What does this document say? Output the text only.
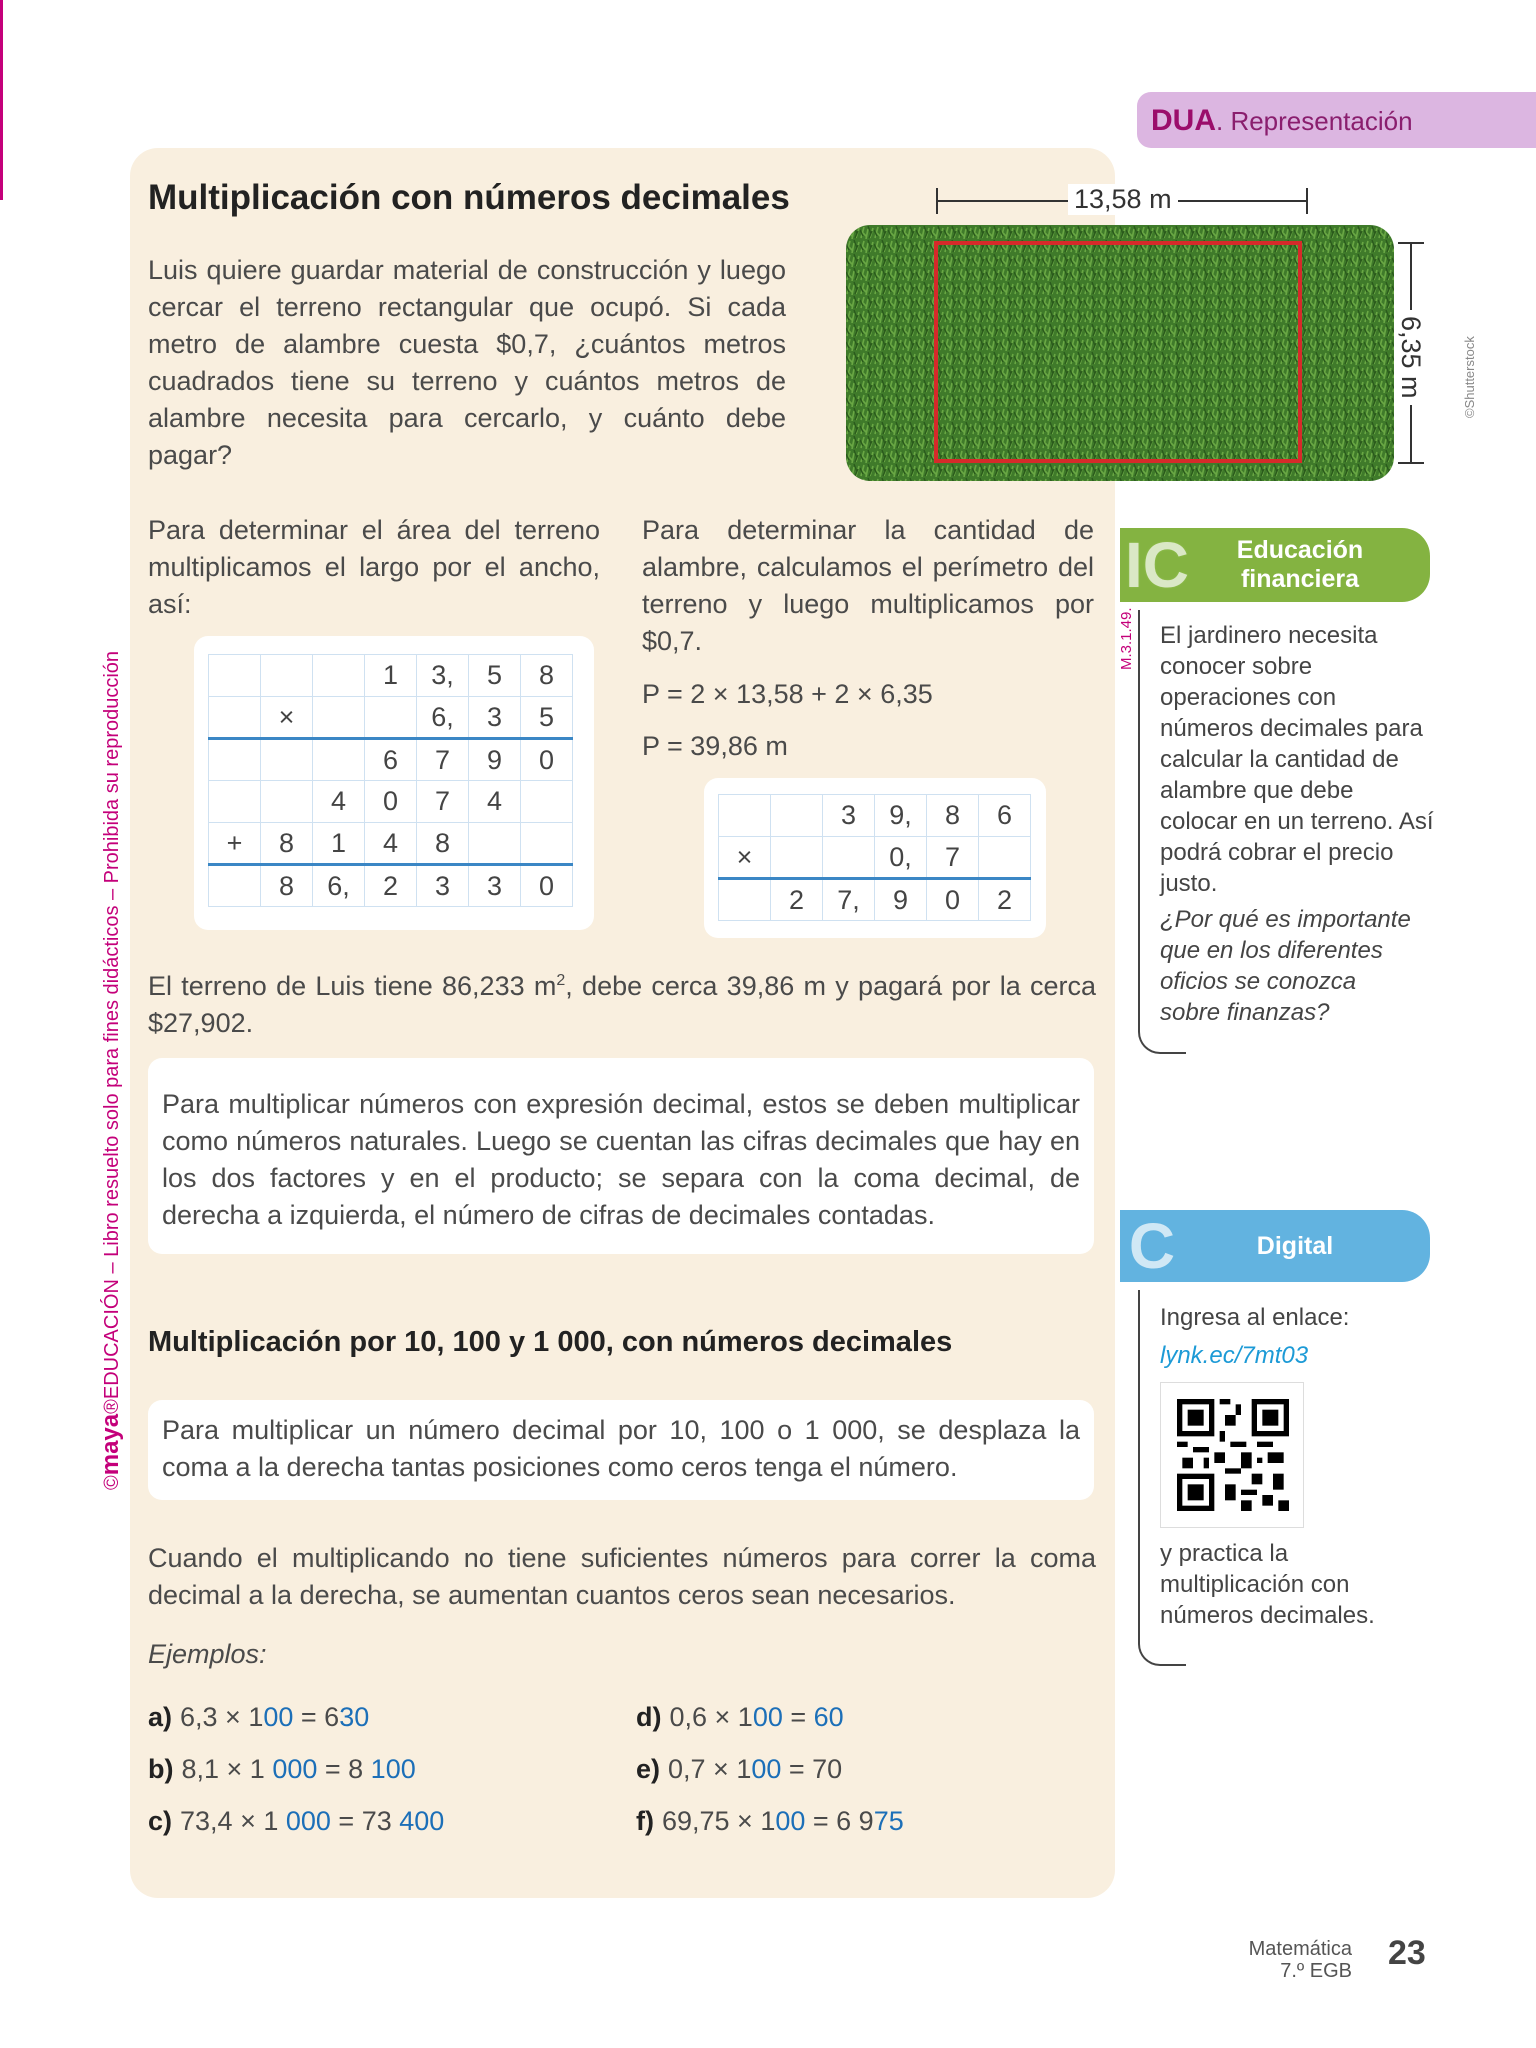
©maya®EDUCACIÓN – Libro resuelto solo para fines didácticos – Prohibida su reproducción
DUA. Representación
Multiplicación con números decimales
Luis quiere guardar material de construcción y luego cercar el terreno rectangular que ocupó. Si cada metro de alambre cuesta $0,7, ¿cuántos metros cuadrados tiene su terreno y cuántos metros de alambre necesita para cercarlo, y cuánto debe pagar?
13,58 m
6,35 m	©Shutterstock
Para determinar el área del terreno multiplicamos el largo por el ancho, así:
Para determinar la cantidad de alambre, calculamos el perímetro del terreno y luego multiplicamos por $0,7.
P = 2 × 13,58 + 2 × 6,35
P = 39,86 m
			1	3,	5	8
	×			6,	3	5
			6	7	9	0
		4	0	7	4	
+	8	1	4	8		
	8	6,	2	3	3	0
		3	9,	8	6
×			0,	7	
	2	7,	9	0	2
El terreno de Luis tiene 86,233 $m^2$, debe cerca 39,86 m y pagará por la cerca $27,902.
Para multiplicar números con expresión decimal, estos se deben multiplicar como números naturales. Luego se cuentan las cifras decimales que hay en los dos factores y en el producto; se separa con la coma decimal, de derecha a izquierda, el número de cifras de decimales contadas.
Multiplicación por 10, 100 y 1 000, con números decimales
Para multiplicar un número decimal por 10, 100 o 1 000, se desplaza la coma a la derecha tantas posiciones como ceros tenga el número.
Cuando el multiplicando no tiene suficientes números para correr la coma decimal a la derecha, se aumentan cuantos ceros sean necesarios.
Ejemplos:
a) 6,3 × 100 = 630
b) 8,1 × 1 000 = 8 100
c) 73,4 × 1 000 = 73 400
d) 0,6 × 100 = 60
e) 0,7 × 100 = 70
f) 69,75 × 100 = 6 975
Educación financiera
IC
M.3.1.49. El jardinero necesita conocer sobre operaciones con números decimales para calcular la cantidad de alambre que debe colocar en un terreno. Así podrá cobrar el precio justo.
¿Por qué es importante que en los diferentes oficios se conozca sobre finanzas?
Digital
C
Ingresa al enlace:
lynk.ec/7mt03
y practica la multiplicación con números decimales.
Matemática
7.º EGB 23
